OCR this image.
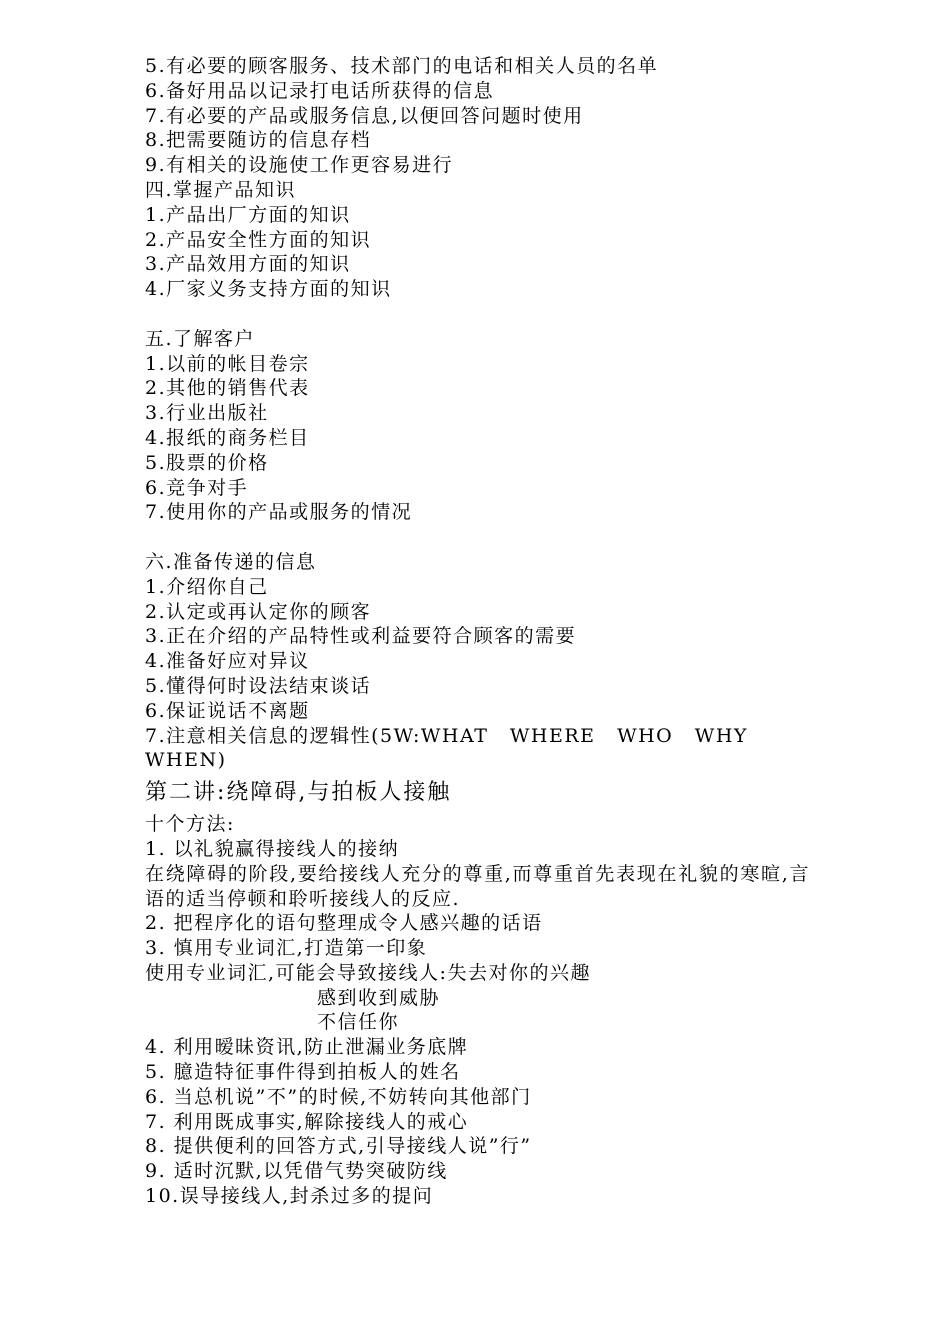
5.有必要的顾客服务、技术部门的电话和相关人员的名单
6.备好用品以记录打电话所获得的信息
7.有必要的产品或服务信息,以便回答问题时使用
8.把需要随访的信息存档
9.有相关的设施使工作更容易进行
四.掌握产品知识
1.产品出厂方面的知识
2.产品安全性方面的知识
3.产品效用方面的知识
4.厂家义务支持方面的知识
五.了解客户
1.以前的帐目卷宗
2.其他的销售代表
3.行业出版社
4.报纸的商务栏目
5.股票的价格
6.竞争对手
7.使用你的产品或服务的情况
六.准备传递的信息
1.介绍你自己
2.认定或再认定你的顾客
3.正在介绍的产品特性或利益要符合顾客的需要
4.准备好应对异议
5.懂得何时设法结束谈话
6.保证说话不离题
7.注意相关信息的逻辑性(5W:WHAT WHERE WHO WHY WHEN)
第二讲:绕障碍,与拍板人接触
十个方法:
1. 以礼貌赢得接线人的接纳
在绕障碍的阶段,要给接线人充分的尊重,而尊重首先表现在礼貌的寒暄,言语的适当停顿和聆听接线人的反应.
2. 把程序化的语句整理成令人感兴趣的话语
3. 慎用专业词汇,打造第一印象
使用专业词汇,可能会导致接线人:失去对你的兴趣
感到收到威胁
不信任你
4. 利用暧昧资讯,防止泄漏业务底牌
5. 臆造特征事件得到拍板人的姓名
6. 当总机说”不”的时候,不妨转向其他部门
7. 利用既成事实,解除接线人的戒心
8. 提供便利的回答方式,引导接线人说”行”
9. 适时沉默,以凭借气势突破防线
10.误导接线人,封杀过多的提问
